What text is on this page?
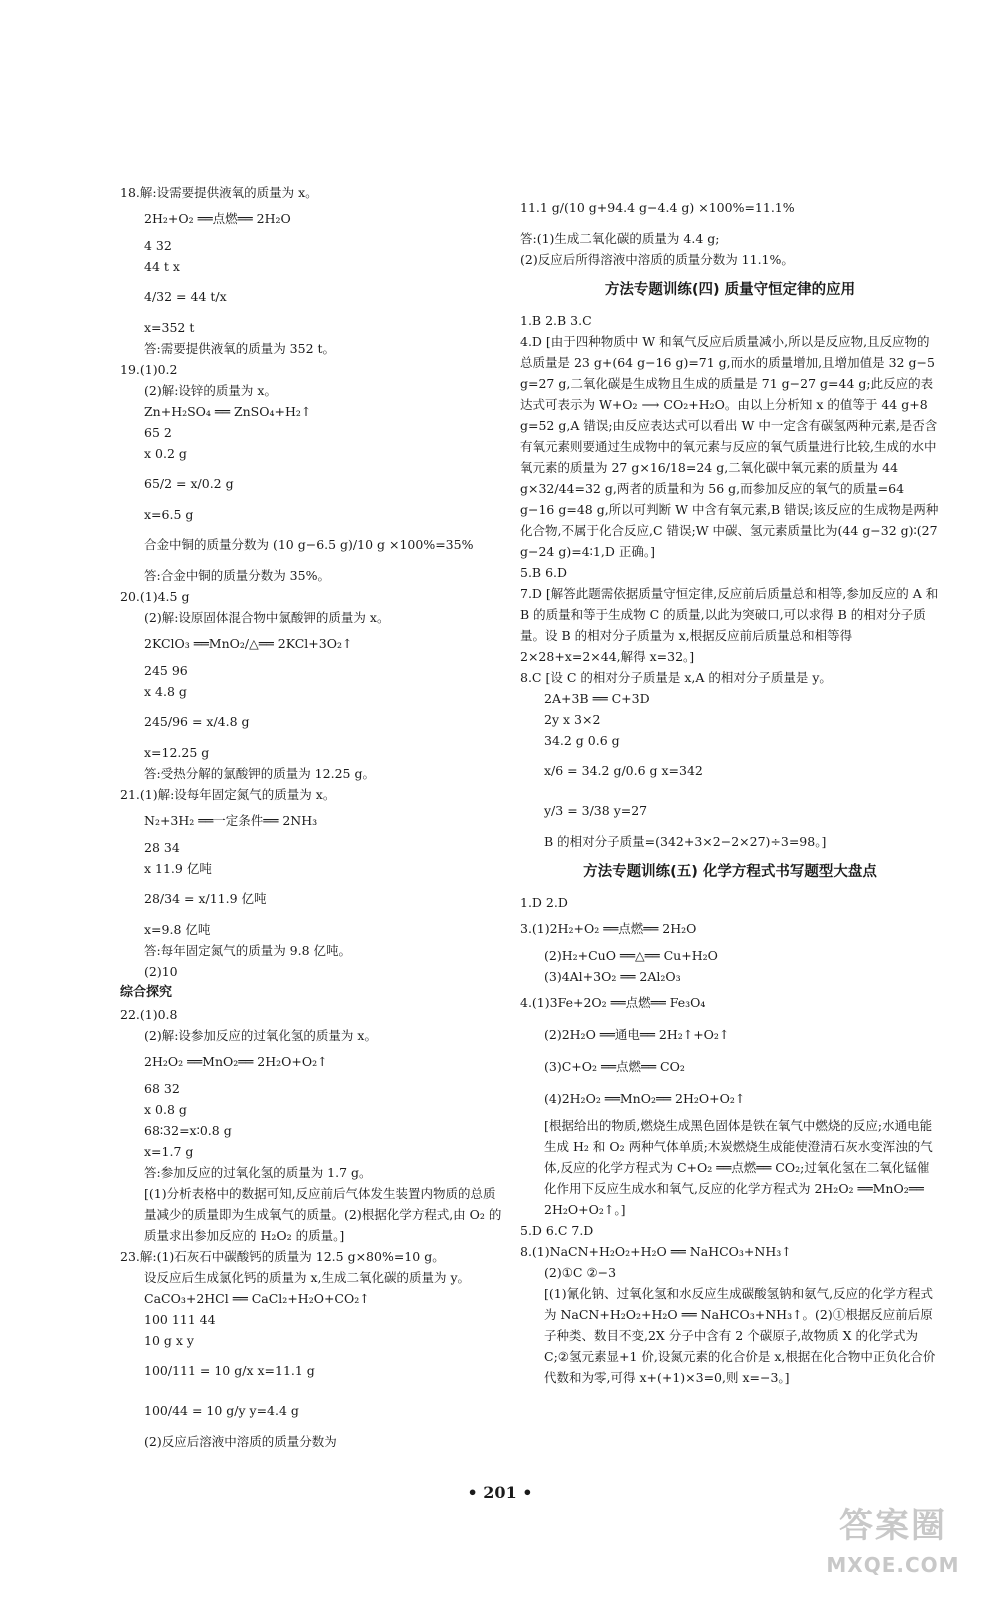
18.解:设需要提供液氧的质量为 x。
2H₂+O₂ ══点燃══ 2H₂O
4 32
44 t x
4/32 = 44 t/x
x=352 t
答:需要提供液氧的质量为 352 t。
19.(1)0.2
(2)解:设锌的质量为 x。
Zn+H₂SO₄ ══ ZnSO₄+H₂↑
65 2
x 0.2 g
65/2 = x/0.2 g
x=6.5 g
合金中铜的质量分数为 (10 g−6.5 g)/10 g ×100%=35%
答:合金中铜的质量分数为 35%。
20.(1)4.5 g
(2)解:设原固体混合物中氯酸钾的质量为 x。
2KClO₃ ══MnO₂/△══ 2KCl+3O₂↑
245 96
x 4.8 g
245/96 = x/4.8 g
x=12.25 g
答:受热分解的氯酸钾的质量为 12.25 g。
21.(1)解:设每年固定氮气的质量为 x。
N₂+3H₂ ══一定条件══ 2NH₃
28 34
x 11.9 亿吨
28/34 = x/11.9 亿吨
x=9.8 亿吨
答:每年固定氮气的质量为 9.8 亿吨。
(2)10
综合探究
22.(1)0.8
(2)解:设参加反应的过氧化氢的质量为 x。
2H₂O₂ ══MnO₂══ 2H₂O+O₂↑
68 32
x 0.8 g
68∶32=x∶0.8 g
x=1.7 g
答:参加反应的过氧化氢的质量为 1.7 g。
[(1)分析表格中的数据可知,反应前后气体发生装置内物质的总质量减少的质量即为生成氧气的质量。(2)根据化学方程式,由 O₂ 的质量求出参加反应的 H₂O₂ 的质量。]
23.解:(1)石灰石中碳酸钙的质量为 12.5 g×80%=10 g。
设反应后生成氯化钙的质量为 x,生成二氧化碳的质量为 y。
CaCO₃+2HCl ══ CaCl₂+H₂O+CO₂↑
100 111 44
10 g x y
100/111 = 10 g/x x=11.1 g
100/44 = 10 g/y y=4.4 g
(2)反应后溶液中溶质的质量分数为
11.1 g/(10 g+94.4 g−4.4 g) ×100%=11.1%
答:(1)生成二氧化碳的质量为 4.4 g;
(2)反应后所得溶液中溶质的质量分数为 11.1%。
方法专题训练(四) 质量守恒定律的应用
1.B 2.B 3.C
4.D [由于四种物质中 W 和氧气反应后质量减小,所以是反应物,且反应物的总质量是 23 g+(64 g−16 g)=71 g,而水的质量增加,且增加值是 32 g−5 g=27 g,二氧化碳是生成物且生成的质量是 71 g−27 g=44 g;此反应的表达式可表示为 W+O₂ ⟶ CO₂+H₂O。由以上分析知 x 的值等于 44 g+8 g=52 g,A 错误;由反应表达式可以看出 W 中一定含有碳氢两种元素,是否含有氧元素则要通过生成物中的氧元素与反应的氧气质量进行比较,生成的水中氧元素的质量为 27 g×16/18=24 g,二氧化碳中氧元素的质量为 44 g×32/44=32 g,两者的质量和为 56 g,而参加反应的氧气的质量=64 g−16 g=48 g,所以可判断 W 中含有氧元素,B 错误;该反应的生成物是两种化合物,不属于化合反应,C 错误;W 中碳、氢元素质量比为(44 g−32 g)∶(27 g−24 g)=4∶1,D 正确。]
5.B 6.D
7.D [解答此题需依据质量守恒定律,反应前后质量总和相等,参加反应的 A 和 B 的质量和等于生成物 C 的质量,以此为突破口,可以求得 B 的相对分子质量。设 B 的相对分子质量为 x,根据反应前后质量总和相等得 2×28+x=2×44,解得 x=32。]
8.C [设 C 的相对分子质量是 x,A 的相对分子质量是 y。
2A+3B ══ C+3D
2y x 3×2
34.2 g 0.6 g
x/6 = 34.2 g/0.6 g x=342
y/3 = 3/38 y=27
B 的相对分子质量=(342+3×2−2×27)÷3=98。]
方法专题训练(五) 化学方程式书写题型大盘点
1.D 2.D
3.(1)2H₂+O₂ ══点燃══ 2H₂O
(2)H₂+CuO ══△══ Cu+H₂O
(3)4Al+3O₂ ══ 2Al₂O₃
4.(1)3Fe+2O₂ ══点燃══ Fe₃O₄
(2)2H₂O ══通电══ 2H₂↑+O₂↑
(3)C+O₂ ══点燃══ CO₂
(4)2H₂O₂ ══MnO₂══ 2H₂O+O₂↑
[根据给出的物质,燃烧生成黑色固体是铁在氧气中燃烧的反应;水通电能生成 H₂ 和 O₂ 两种气体单质;木炭燃烧生成能使澄清石灰水变浑浊的气体,反应的化学方程式为 C+O₂ ══点燃══ CO₂;过氧化氢在二氧化锰催化作用下反应生成水和氧气,反应的化学方程式为 2H₂O₂ ══MnO₂══ 2H₂O+O₂↑。]
5.D 6.C 7.D
8.(1)NaCN+H₂O₂+H₂O ══ NaHCO₃+NH₃↑
(2)①C ②−3
[(1)氰化钠、过氧化氢和水反应生成碳酸氢钠和氨气,反应的化学方程式为 NaCN+H₂O₂+H₂O ══ NaHCO₃+NH₃↑。(2)①根据反应前后原子种类、数目不变,2X 分子中含有 2 个碳原子,故物质 X 的化学式为 C;②氢元素显+1 价,设氮元素的化合价是 x,根据在化合物中正负化合价代数和为零,可得 x+(+1)×3=0,则 x=−3。]
• 201 •
答案圈
MXQE.COM
